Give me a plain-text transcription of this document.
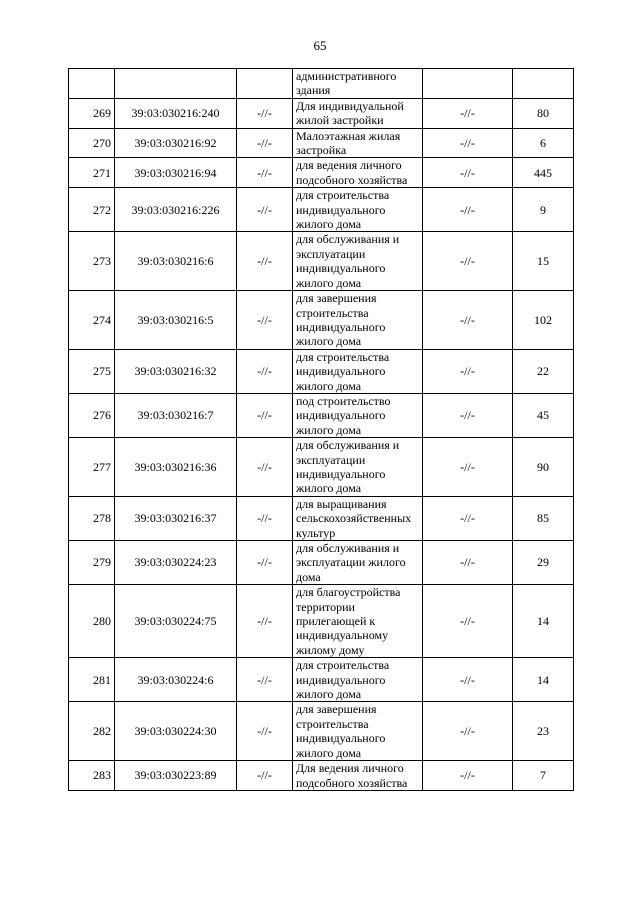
65

			административного
здания		

269	39:03:030216:240	-//-	Для индивидуальной
жилой застройки	-//-	80
270	39:03:030216:92	-//-	Малоэтажная жилая
застройка	-//-	6
271	39:03:030216:94	-//-	для ведения личного
подсобного хозяйства	-//-	445
272	39:03:030216:226	-//-	для строительства
индивидуального
жилого дома	-//-	9
273	39:03:030216:6	-//-	для обслуживания и
эксплуатации
индивидуального
жилого дома	-//-	15
274	39:03:030216:5	-//-	для завершения
строительства
индивидуального
жилого дома	-//-	102
275	39:03:030216:32	-//-	для строительства
индивидуального
жилого дома	-//-	22
276	39:03:030216:7	-//-	под строительство
индивидуального
жилого дома	-//-	45
277	39:03:030216:36	-//-	для обслуживания и
эксплуатации
индивидуального
жилого дома	-//-	90
278	39:03:030216:37	-//-	для выращивания
сельскохозяйственных
культур	-//-	85
279	39:03:030224:23	-//-	для обслуживания и
эксплуатации жилого
дома	-//-	29
280	39:03:030224:75	-//-	для благоустройства
территории
прилегающей к
индивидуальному
жилому дому	-//-	14
281	39:03:030224:6	-//-	для строительства
индивидуального
жилого дома	-//-	14
282	39:03:030224:30	-//-	для завершения
строительства
индивидуального
жилого дома	-//-	23
283	39:03:030223:89	-//-	Для ведения личного
подсобного хозяйства	-//-	7
